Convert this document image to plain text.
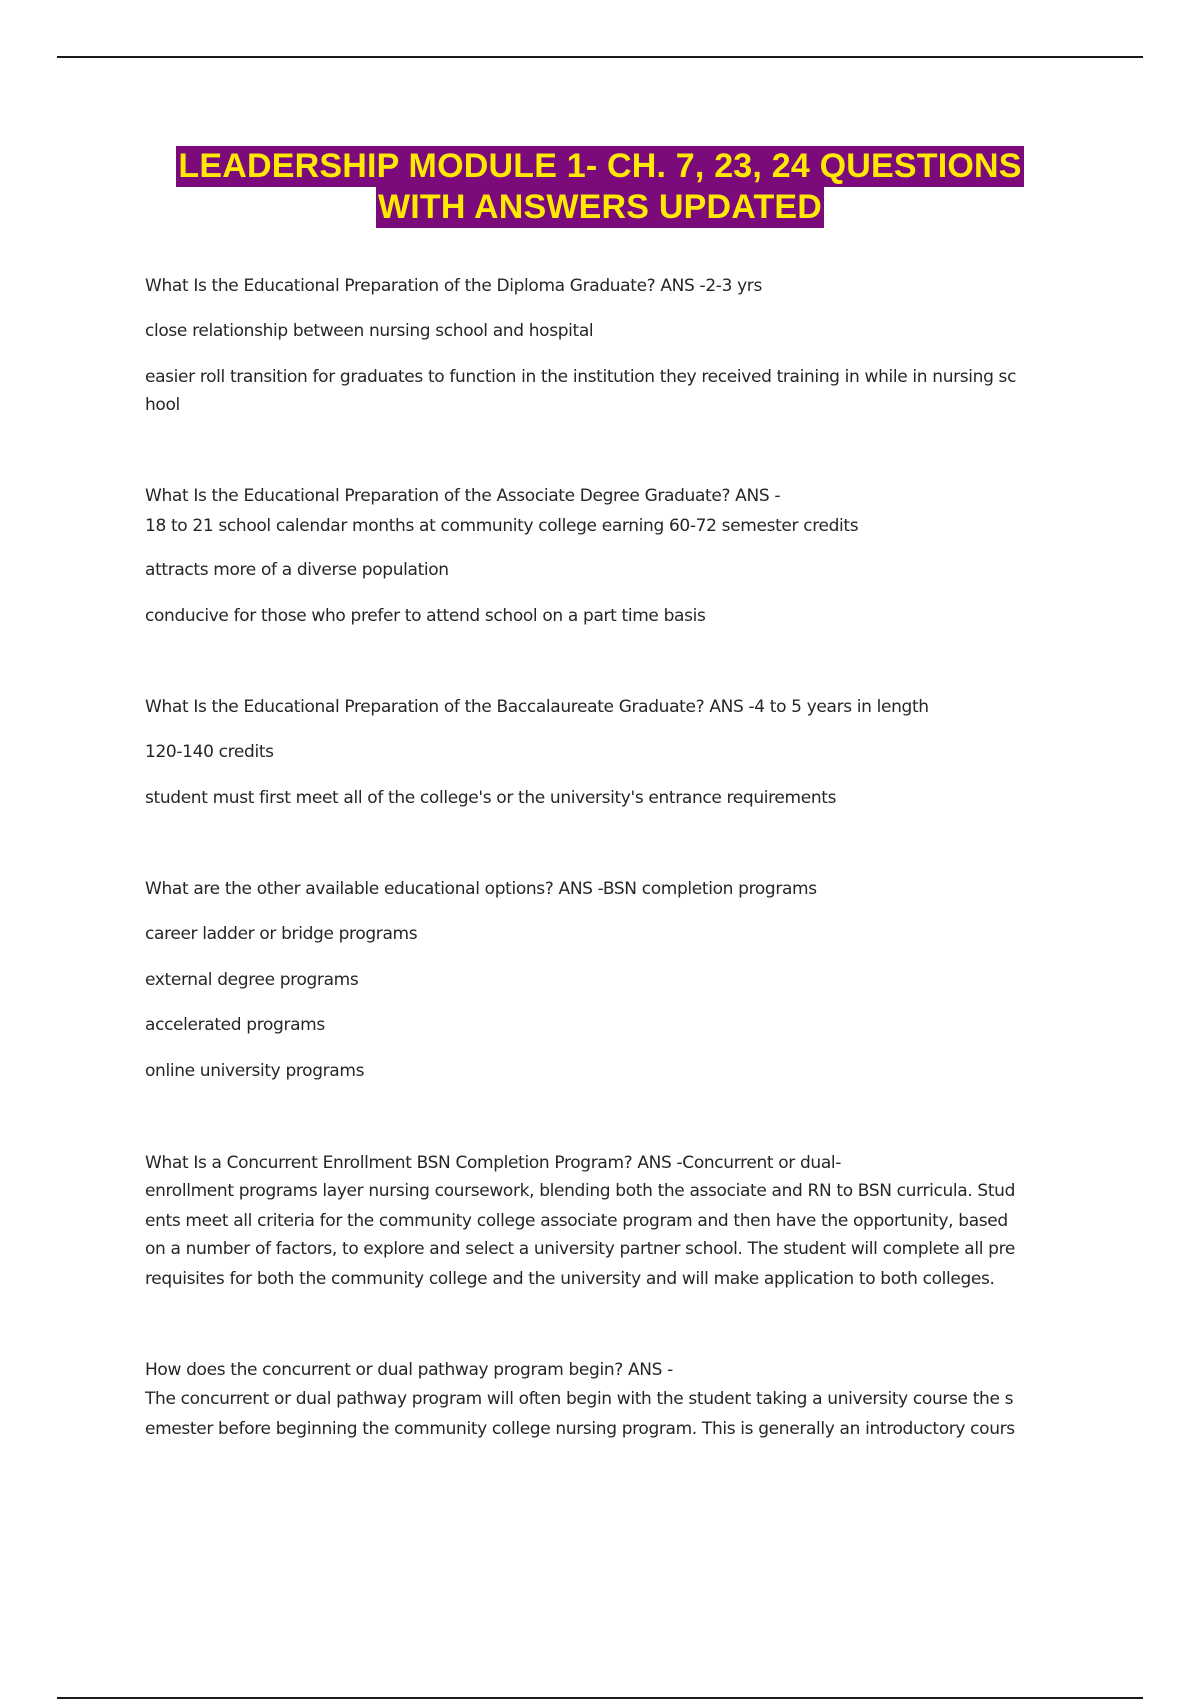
LEADERSHIP MODULE 1- CH. 7, 23, 24 QUESTIONS
WITH ANSWERS UPDATED
What Is the Educational Preparation of the Diploma Graduate? ANS -2-3 yrs
close relationship between nursing school and hospital
easier roll transition for graduates to function in the institution they received training in while in nursing sc
hool
What Is the Educational Preparation of the Associate Degree Graduate? ANS -
18 to 21 school calendar months at community college earning 60-72 semester credits
attracts more of a diverse population
conducive for those who prefer to attend school on a part time basis
What Is the Educational Preparation of the Baccalaureate Graduate? ANS -4 to 5 years in length
120-140 credits
student must first meet all of the college's or the university's entrance requirements
What are the other available educational options? ANS -BSN completion programs
career ladder or bridge programs
external degree programs
accelerated programs
online university programs
What Is a Concurrent Enrollment BSN Completion Program? ANS -Concurrent or dual-
enrollment programs layer nursing coursework, blending both the associate and RN to BSN curricula. Stud
ents meet all criteria for the community college associate program and then have the opportunity, based
on a number of factors, to explore and select a university partner school. The student will complete all pre
requisites for both the community college and the university and will make application to both colleges.
How does the concurrent or dual pathway program begin? ANS -
The concurrent or dual pathway program will often begin with the student taking a university course the s
emester before beginning the community college nursing program. This is generally an introductory cours
